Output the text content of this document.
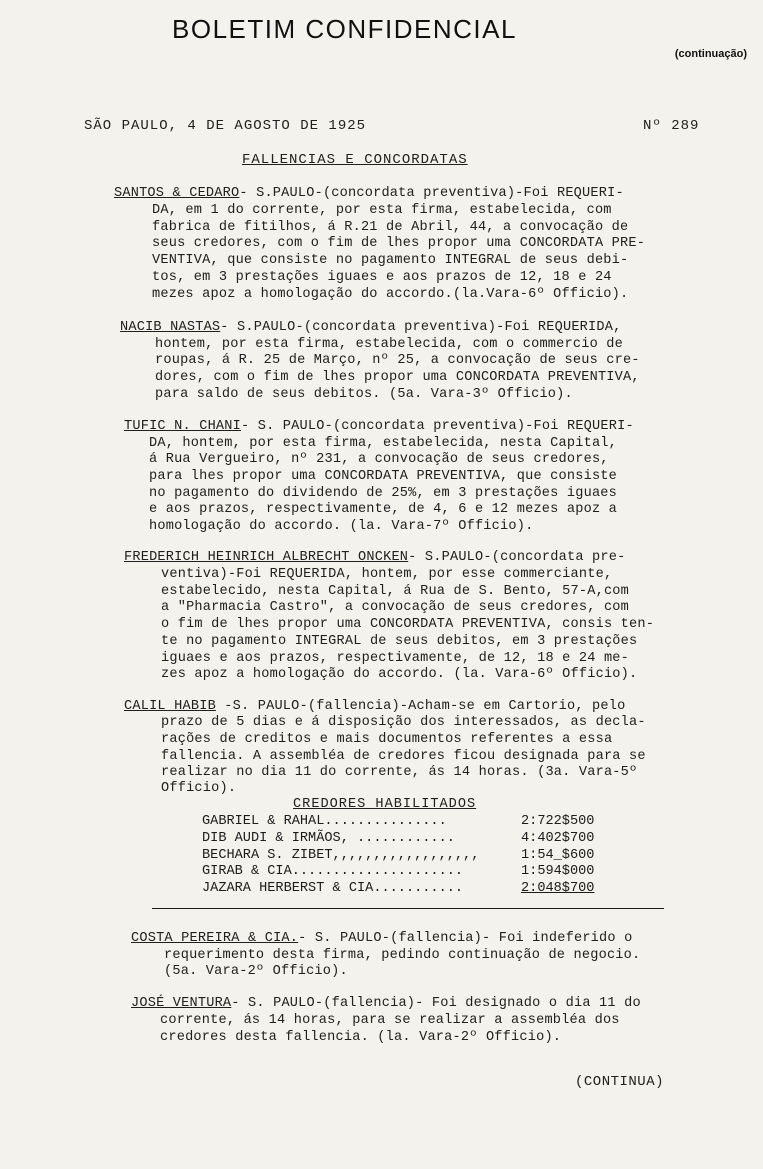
BOLETIM CONFIDENCIAL
(continuação)
SÃO PAULO, 4 DE AGOSTO DE 1925	Nº 289
FALLENCIAS E CONCORDATAS
SANTOS & CEDARO- S.PAULO-(concordata preventiva)-Foi REQUERI-
DA, em 1 do corrente, por esta firma, estabelecida, com
fabrica de fitilhos, á R.21 de Abril, 44, a convocação de
seus credores, com o fim de lhes propor uma CONCORDATA PRE-
VENTIVA, que consiste no pagamento INTEGRAL de seus debi-
tos, em 3 prestações iguaes e aos prazos de 12, 18 e 24
mezes apoz a homologação do accordo.(la.Vara-6º Officio).
NACIB NASTAS- S.PAULO-(concordata preventiva)-Foi REQUERIDA,
hontem, por esta firma, estabelecida, com o commercio de
roupas, á R. 25 de Março, nº 25, a convocação de seus cre-
dores, com o fim de lhes propor uma CONCORDATA PREVENTIVA,
para saldo de seus debitos. (5a. Vara-3º Officio).
TUFIC N. CHANI- S. PAULO-(concordata preventiva)-Foi REQUERI-
DA, hontem, por esta firma, estabelecida, nesta Capital,
á Rua Vergueiro, nº 231, a convocação de seus credores,
para lhes propor uma CONCORDATA PREVENTIVA, que consiste
no pagamento do dividendo de 25%, em 3 prestações iguaes
e aos prazos, respectivamente, de 4, 6 e 12 mezes apoz a
homologação do accordo. (la. Vara-7º Officio).
FREDERICH HEINRICH ALBRECHT ONCKEN- S.PAULO-(concordata pre-
ventiva)-Foi REQUERIDA, hontem, por esse commerciante,
estabelecido, nesta Capital, á Rua de S. Bento, 57-A,com
a "Pharmacia Castro", a convocação de seus credores, com
o fim de lhes propor uma CONCORDATA PREVENTIVA, consis ten-
te no pagamento INTEGRAL de seus debitos, em 3 prestações
iguaes e aos prazos, respectivamente, de 12, 18 e 24 me-
zes apoz a homologação do accordo. (la. Vara-6º Officio).
CALIL HABIB -S. PAULO-(fallencia)-Acham-se em Cartorio, pelo
prazo de 5 dias e á disposição dos interessados, as decla-
rações de creditos e mais documentos referentes a essa
fallencia. A assembléa de credores ficou designada para se
realizar no dia 11 do corrente, ás 14 horas. (3a. Vara-5º
Officio).
CREDORES HABILITADOS
GABRIEL & RAHAL...............	2:722$500
DIB AUDI & IRMÃOS, ............	4:402$700
BECHARA S. ZIBET,,,,,,,,,,,,,,,,,,	1:54_$600
GIRAB & CIA.....................	1:594$000
JAZARA HERBERST & CIA...........	2:048$700
COSTA PEREIRA & CIA.- S. PAULO-(fallencia)- Foi indeferido o
requerimento desta firma, pedindo continuação de negocio.
(5a. Vara-2º Officio).
JOSÉ VENTURA- S. PAULO-(fallencia)- Foi designado o dia 11 do
corrente, ás 14 horas, para se realizar a assembléa dos
credores desta fallencia. (la. Vara-2º Officio).
(CONTINUA)
